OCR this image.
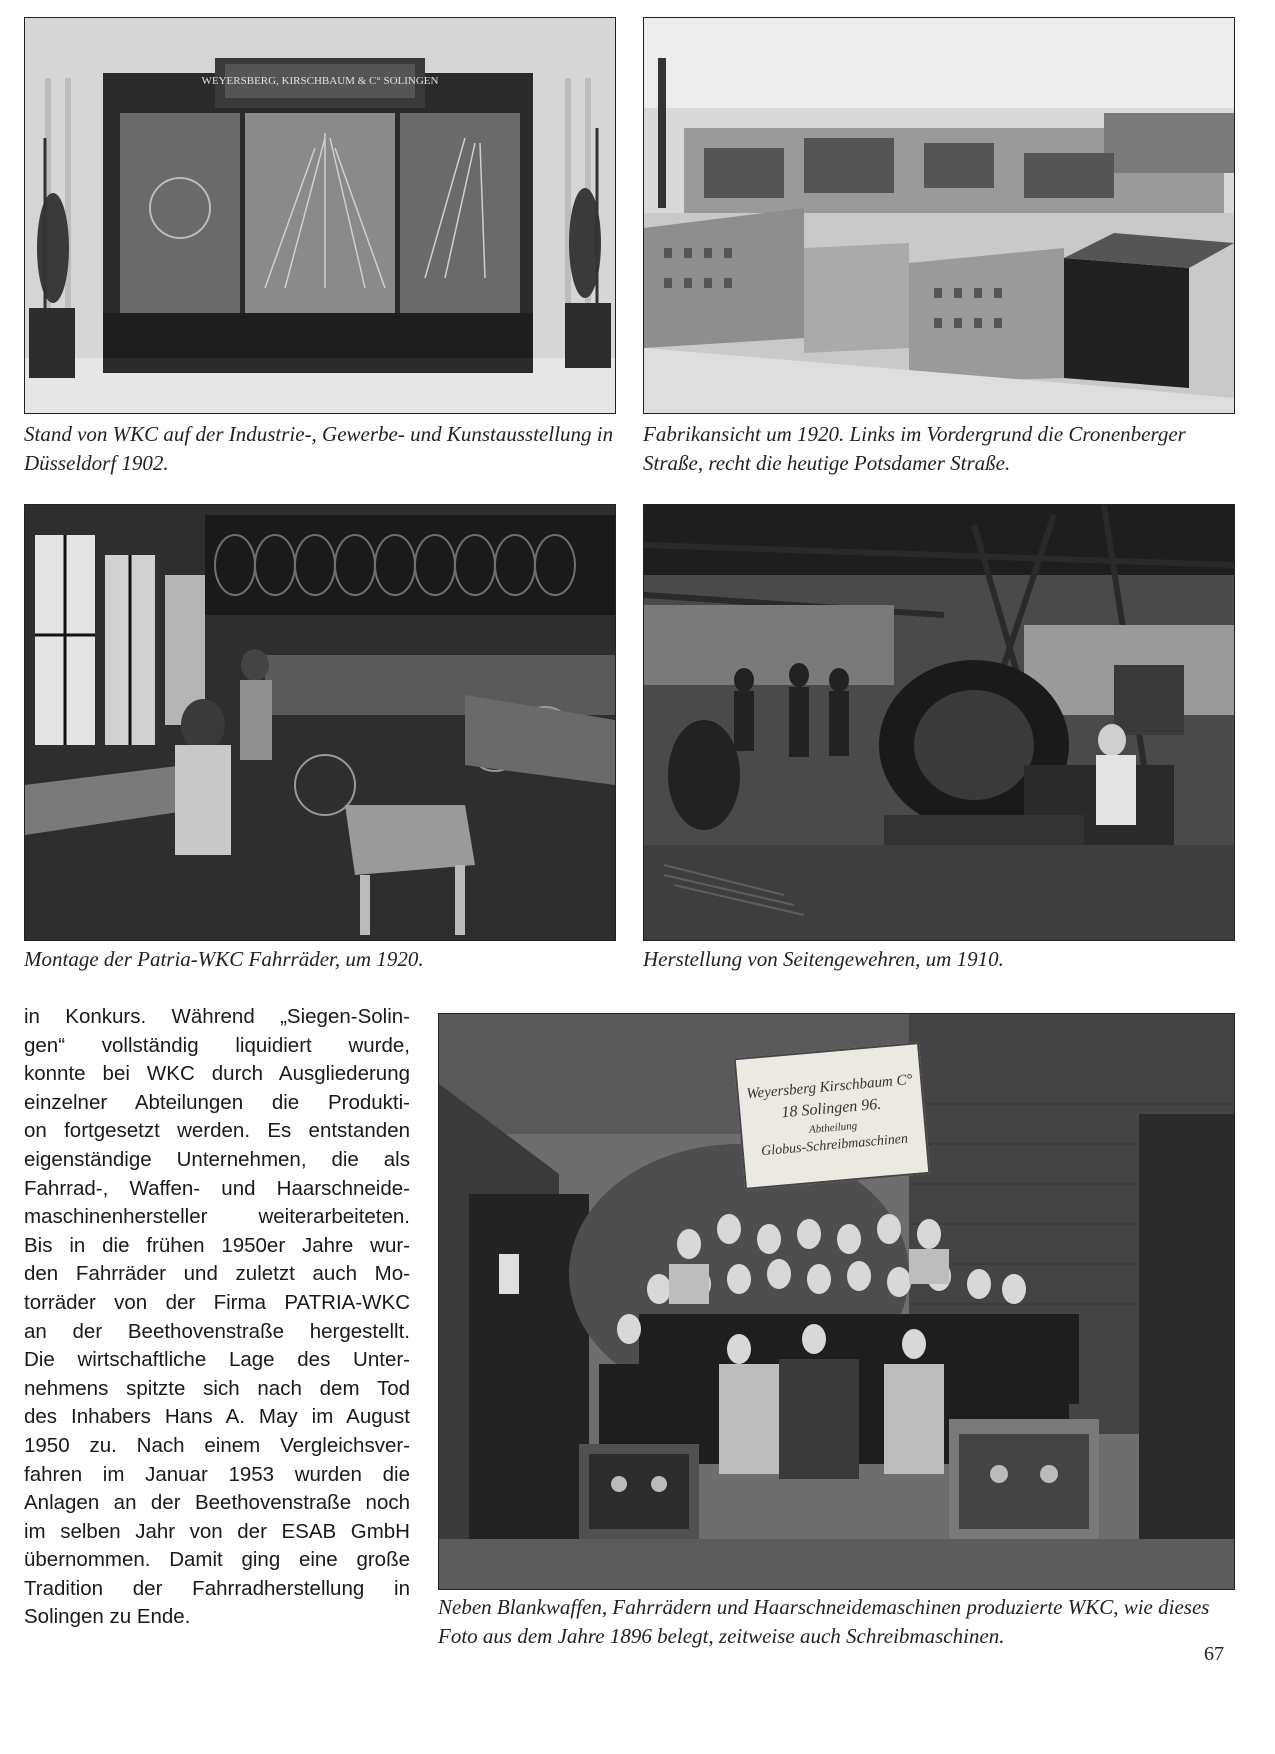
WEYERSBERG, KIRSCHBAUM & C° SOLINGEN

Stand von WKC auf der Industrie-, Gewerbe- und Kunstausstellung in Düsseldorf 1902.

Fabrikansicht um 1920. Links im Vordergrund die Cronenberger Straße, recht die heutige Potsdamer Straße.

Montage der Patria-WKC Fahrräder, um 1920.	Herstellung von Seitengewehren, um 1910.

in Konkurs. Während „Siegen-Solin-
gen“ vollständig liquidiert wurde,
konnte bei WKC durch Ausgliederung
einzelner Abteilungen die Produkti-
on fortgesetzt werden. Es entstanden
eigenständige Unternehmen, die als
Fahrrad-, Waffen- und Haarschneide-
maschinenhersteller weiterarbeiteten.
Bis in die frühen 1950er Jahre wur-
den Fahrräder und zuletzt auch Mo-
torräder von der Firma PATRIA-WKC
an der Beethovenstraße hergestellt.
Die wirtschaftliche Lage des Unter-
nehmens spitzte sich nach dem Tod
des Inhabers Hans A. May im August
1950 zu. Nach einem Vergleichsver-
fahren im Januar 1953 wurden die
Anlagen an der Beethovenstraße noch
im selben Jahr von der ESAB GmbH
übernommen. Damit ging eine große
Tradition der Fahrradherstellung in
Solingen zu Ende.
Weyersberg Kirschbaum C°
18 Solingen 96.
Abtheilung
Globus-Schreibmaschinen

Neben Blankwaffen, Fahrrädern und Haarschneidemaschinen produzierte WKC, wie dieses Foto aus dem Jahre 1896 belegt, zeitweise auch Schreibmaschinen.

67
